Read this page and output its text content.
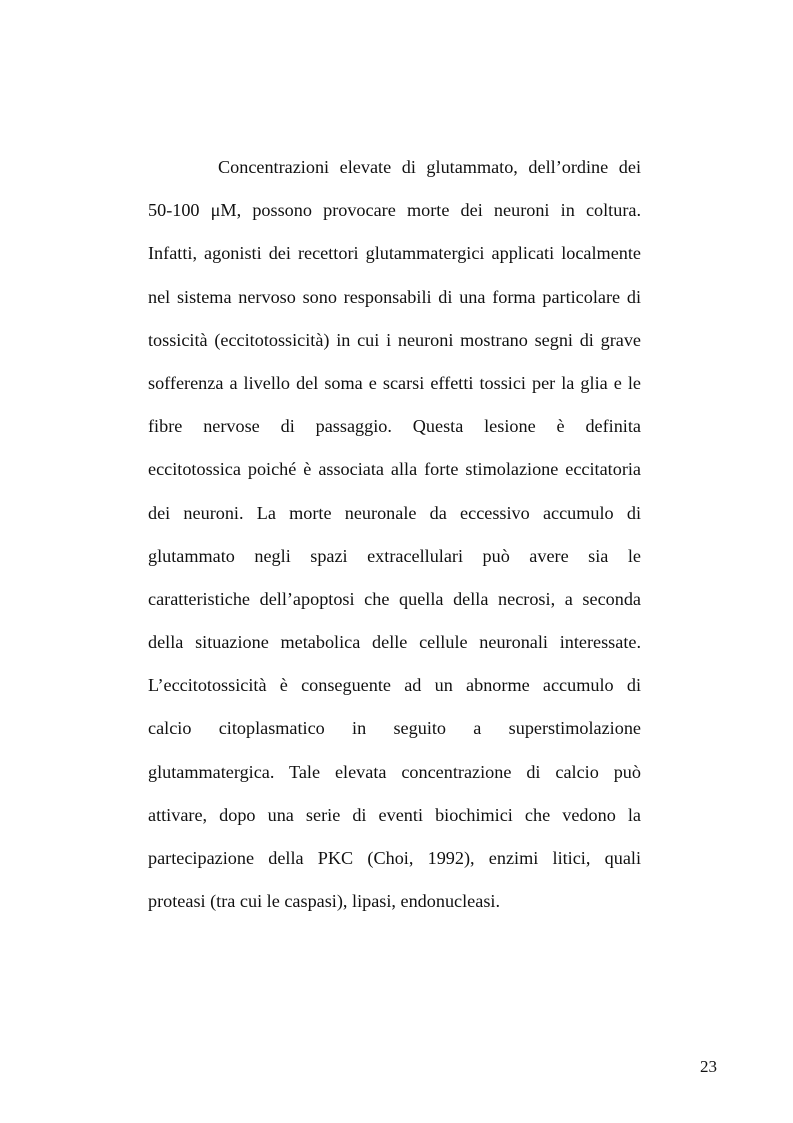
Concentrazioni elevate di glutammato, dell’ordine dei
50-100 μM, possono provocare morte dei neuroni in coltura.
Infatti, agonisti dei recettori glutammatergici applicati localmente
nel sistema nervoso sono responsabili di una forma particolare di
tossicità (eccitotossicità) in cui i neuroni mostrano segni di grave
sofferenza a livello del soma e scarsi effetti tossici per la glia e le
fibre nervose di passaggio. Questa lesione è definita
eccitotossica poiché è associata alla forte stimolazione eccitatoria
dei neuroni. La morte neuronale da eccessivo accumulo di
glutammato negli spazi extracellulari può avere sia le
caratteristiche dell’apoptosi che quella della necrosi, a seconda
della situazione metabolica delle cellule neuronali interessate.
L’eccitotossicità è conseguente ad un abnorme accumulo di
calcio citoplasmatico in seguito a superstimolazione
glutammatergica. Tale elevata concentrazione di calcio può
attivare, dopo una serie di eventi biochimici che vedono la
partecipazione della PKC (Choi, 1992), enzimi litici, quali
proteasi (tra cui le caspasi), lipasi, endonucleasi.

23
